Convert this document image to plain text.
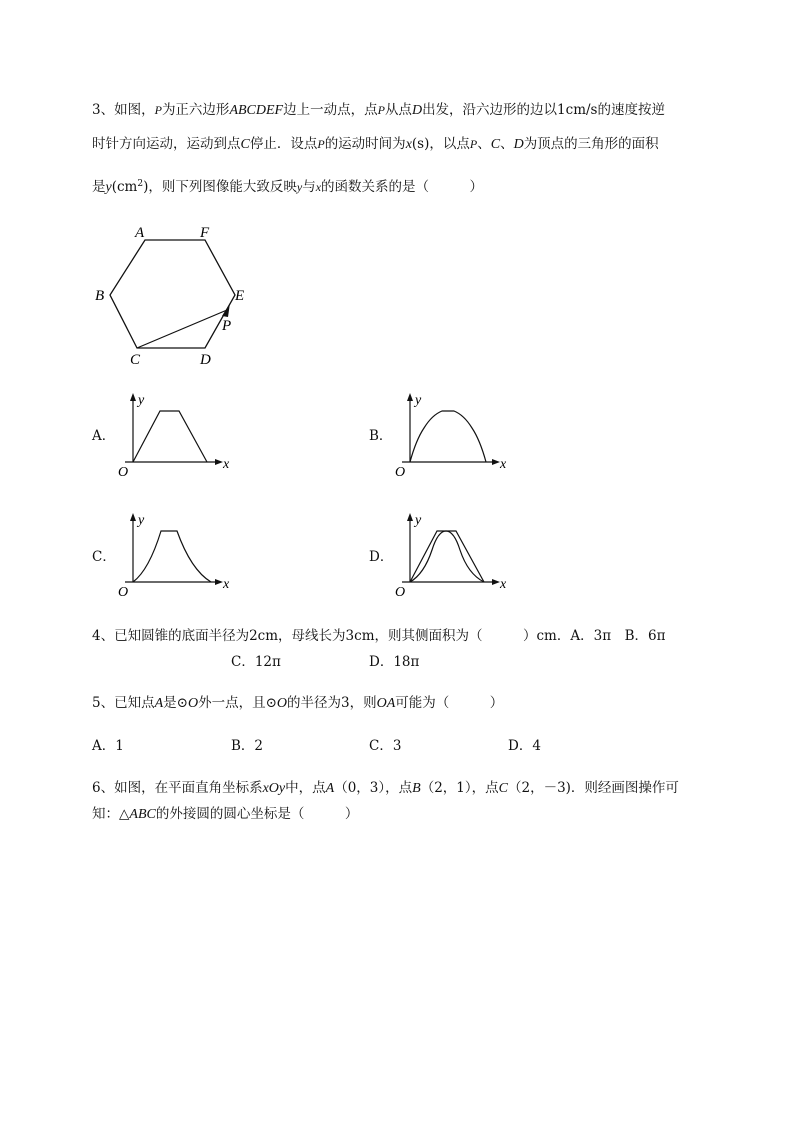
3、如图，P为正六边形ABCDEF边上一动点，点P从点D出发，沿六边形的边以1cm/s的速度按逆
时针方向运动，运动到点C停止．设点P的运动时间为x(s)，以点P、C、D为顶点的三角形的面积
是$y(cm^2)$，则下列图像能大致反映y与x的函数关系的是（　　　）
A	F
B	E
P
C	D
A．
y
x
O
B．
y
x
O
C．
y
x
O
D．
y
x
O
4、已知圆锥的底面半径为2cm，母线长为3cm，则其侧面积为（　　　）cm．A．3π　B．6π
C．12π	D．18π
5、已知点A是⊙O外一点，且⊙O的半径为3，则OA可能为（　　　）
A．1	B．2	C．3	D．4
6、如图，在平面直角坐标系xOy中，点A（0，3），点B（2，1），点C（2，－3)．则经画图操作可
知：△ABC的外接圆的圆心坐标是（　　　）
